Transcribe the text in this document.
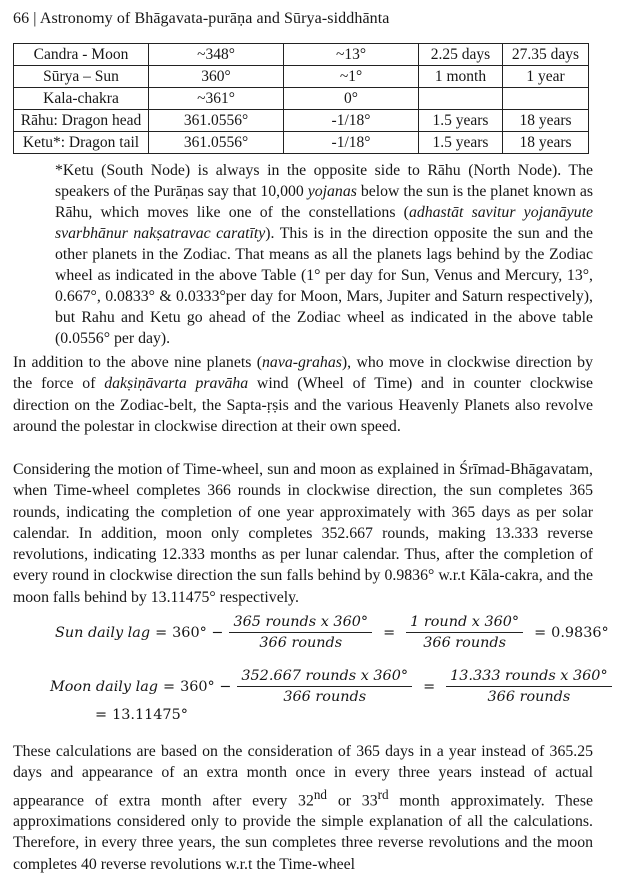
66 | Astronomy of Bhāgavata-purāṇa and Sūrya-siddhānta
Candra - Moon	~348°	~13°	2.25 days	27.35 days
Sūrya – Sun	360°	~1°	1 month	1 year
Kala-chakra	~361°	0°		
Rāhu: Dragon head	361.0556°	-1/18°	1.5 years	18 years
Ketu*: Dragon tail	361.0556°	-1/18°	1.5 years	18 years
*Ketu (South Node) is always in the opposite side to Rāhu (North Node). The speakers of the Purāṇas say that 10,000 yojanas below the sun is the planet known as Rāhu, which moves like one of the constellations (adhastāt savitur yojanāyute svarbhānur nakṣatravac caratīty). This is in the direction opposite the sun and the other planets in the Zodiac. That means as all the planets lags behind by the Zodiac wheel as indicated in the above Table (1° per day for Sun, Venus and Mercury, 13°, 0.667°, 0.0833° & 0.0333°per day for Moon, Mars, Jupiter and Saturn respectively), but Rahu and Ketu go ahead of the Zodiac wheel as indicated in the above table (0.0556° per day).
In addition to the above nine planets (nava-grahas), who move in clockwise direction by the force of dakṣiṇāvarta pravāha wind (Wheel of Time) and in counter clockwise direction on the Zodiac-belt, the Sapta-ṛṣis and the various Heavenly Planets also revolve around the polestar in clockwise direction at their own speed.
Considering the motion of Time-wheel, sun and moon as explained in Śrīmad-Bhāgavatam, when Time-wheel completes 366 rounds in clockwise direction, the sun completes 365 rounds, indicating the completion of one year approximately with 365 days as per solar calendar. In addition, moon only completes 352.667 rounds, making 13.333 reverse revolutions, indicating 12.333 months as per lunar calendar. Thus, after the completion of every round in clockwise direction the sun falls behind by 0.9836° w.r.t Kāla-cakra, and the moon falls behind by 13.11475° respectively.
Sun daily lag = $360^\circ - \frac{\text{365 rounds x 360°}}{\text{366 rounds}} = \frac{\text{1 round x 360°}}{\text{366 rounds}} = 0.9836^\circ$
Moon daily lag = $360^\circ - \frac{\text{352.667 rounds x 360°}}{\text{366 rounds}} = \frac{\text{13.333 rounds x 360°}}{\text{366 rounds}}$
= 13.11475°
These calculations are based on the consideration of 365 days in a year instead of 365.25 days and appearance of an extra month once in every three years instead of actual appearance of extra month after every 32nd or 33rd month approximately. These approximations considered only to provide the simple explanation of all the calculations. Therefore, in every three years, the sun completes three reverse revolutions and the moon completes 40 reverse revolutions w.r.t the Time-wheel
